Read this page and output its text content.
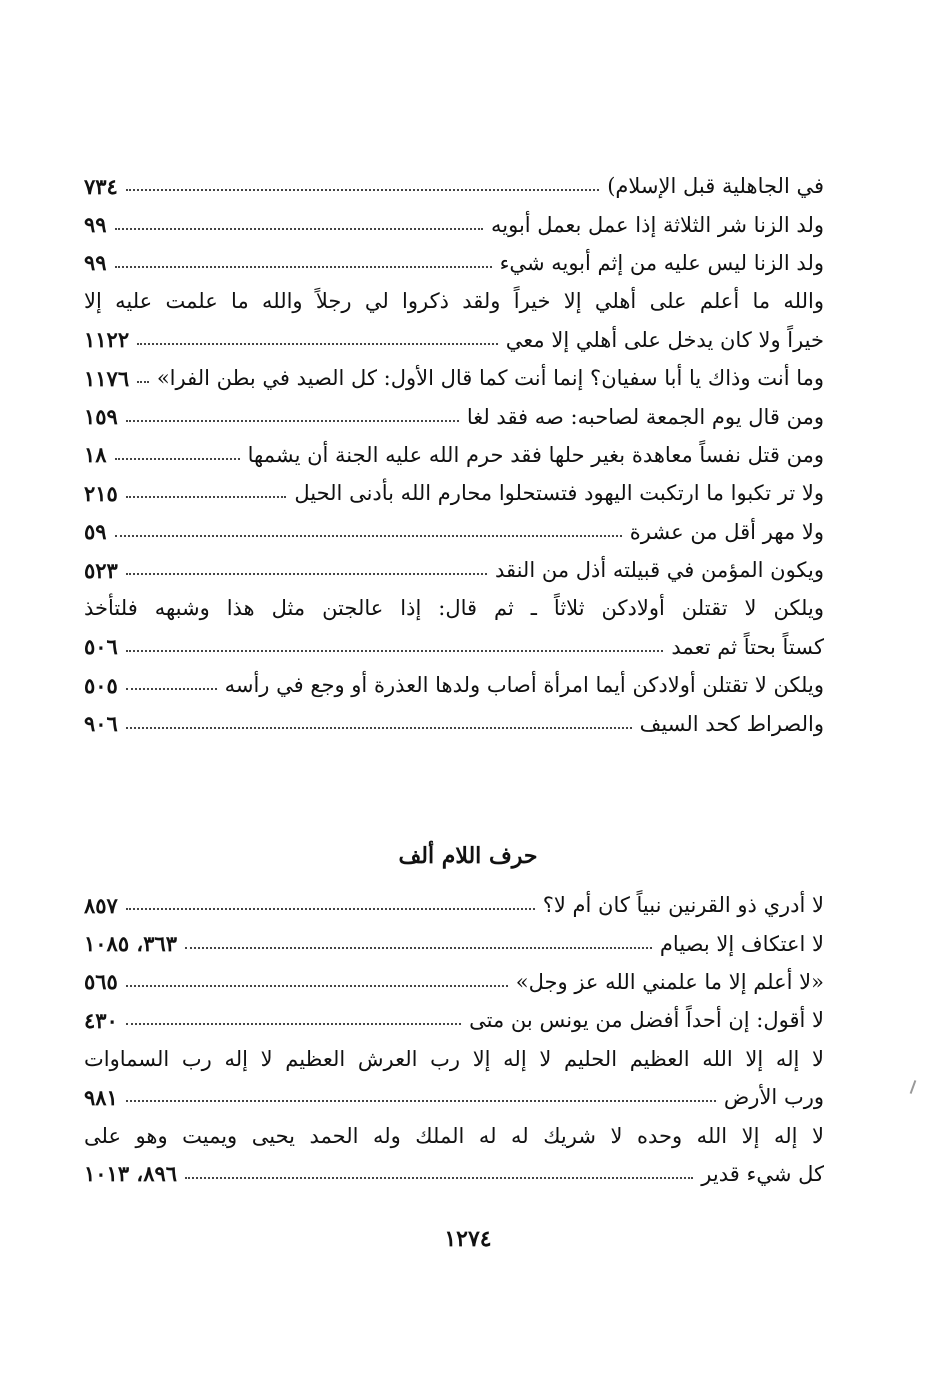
في الجاهلية قبل الإسلام)
٧٣٤
ولد الزنا شر الثلاثة إذا عمل بعمل أبويه
٩٩
ولد الزنا ليس عليه من إثم أبويه شيء
٩٩
والله ما أعلم على أهلي إلا خيراً ولقد ذكروا لي رجلاً والله ما علمت عليه إلا
خيراً ولا كان يدخل على أهلي إلا معي
١١٢٢
وما أنت وذاك يا أبا سفيان؟ إنما أنت كما قال الأول: كل الصيد في بطن الفرا»
١١٧٦
ومن قال يوم الجمعة لصاحبه: صه فقد لغا
١٥٩
ومن قتل نفساً معاهدة بغير حلها فقد حرم الله عليه الجنة أن يشمها
١٨
ولا تر تكبوا ما ارتكبت اليهود فتستحلوا محارم الله بأدنى الحيل
٢١٥
ولا مهر أقل من عشرة
٥٩
ويكون المؤمن في قبيلته أذل من النقد
٥٢٣
ويلكن لا تقتلن أولادكن ثلاثاً ـ ثم قال: إذا عالجتن مثل هذا وشبهه فلتأخذ
كستاً بحتاً ثم تعمد
٥٠٦
ويلكن لا تقتلن أولادكن أيما امرأة أصاب ولدها العذرة أو وجع في رأسه
٥٠٥
والصراط كحد السيف
٩٠٦
حرف اللام ألف
لا أدري ذو القرنين نبياً كان أم لا؟
٨٥٧
لا اعتكاف إلا بصيام
٣٦٣، ١٠٨٥
«لا أعلم إلا ما علمني الله عز وجل»
٥٦٥
لا أقول: إن أحداً أفضل من يونس بن متى
٤٣٠
لا إله إلا الله العظيم الحليم لا إله إلا رب العرش العظيم لا إله رب السماوات
ورب الأرض
٩٨١
لا إله إلا الله وحده لا شريك له له الملك وله الحمد يحيى ويميت وهو على
كل شيء قدير
٨٩٦، ١٠١٣
١٢٧٤
